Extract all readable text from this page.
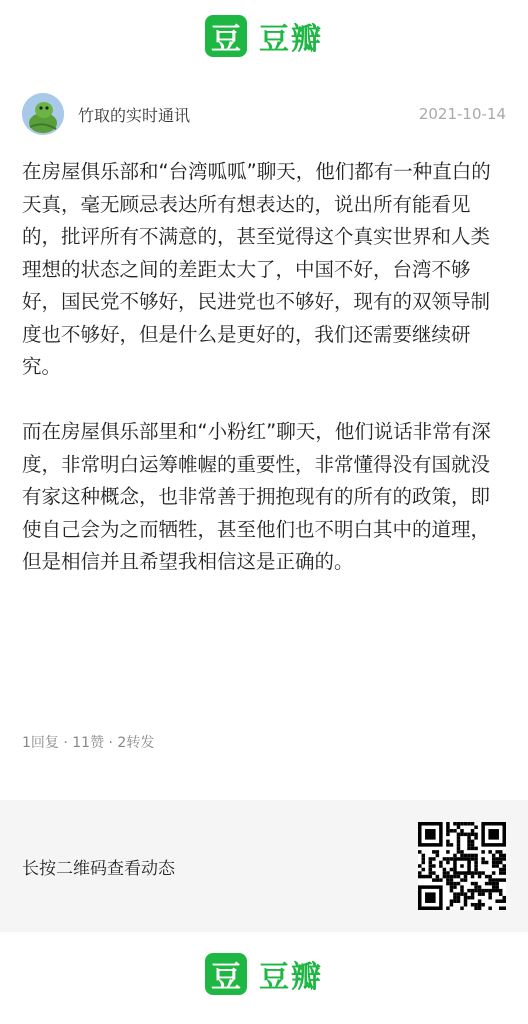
豆 豆瓣
竹取的实时通讯	2021-10-14

在房屋俱乐部和“台湾呱呱”聊天，他们都有一种直白的天真，毫无顾忌表达所有想表达的，说出所有能看见的，批评所有不满意的，甚至觉得这个真实世界和人类理想的状态之间的差距太大了，中国不好，台湾不够好，国民党不够好，民进党也不够好，现有的双领导制度也不够好，但是什么是更好的，我们还需要继续研究。

而在房屋俱乐部里和“小粉红”聊天，他们说话非常有深度，非常明白运筹帷幄的重要性，非常懂得没有国就没有家这种概念，也非常善于拥抱现有的所有的政策，即使自己会为之而牺牲，甚至他们也不明白其中的道理，但是相信并且希望我相信这是正确的。

1回复 · 11赞 · 2转发
长按二维码查看动态
豆 豆瓣
